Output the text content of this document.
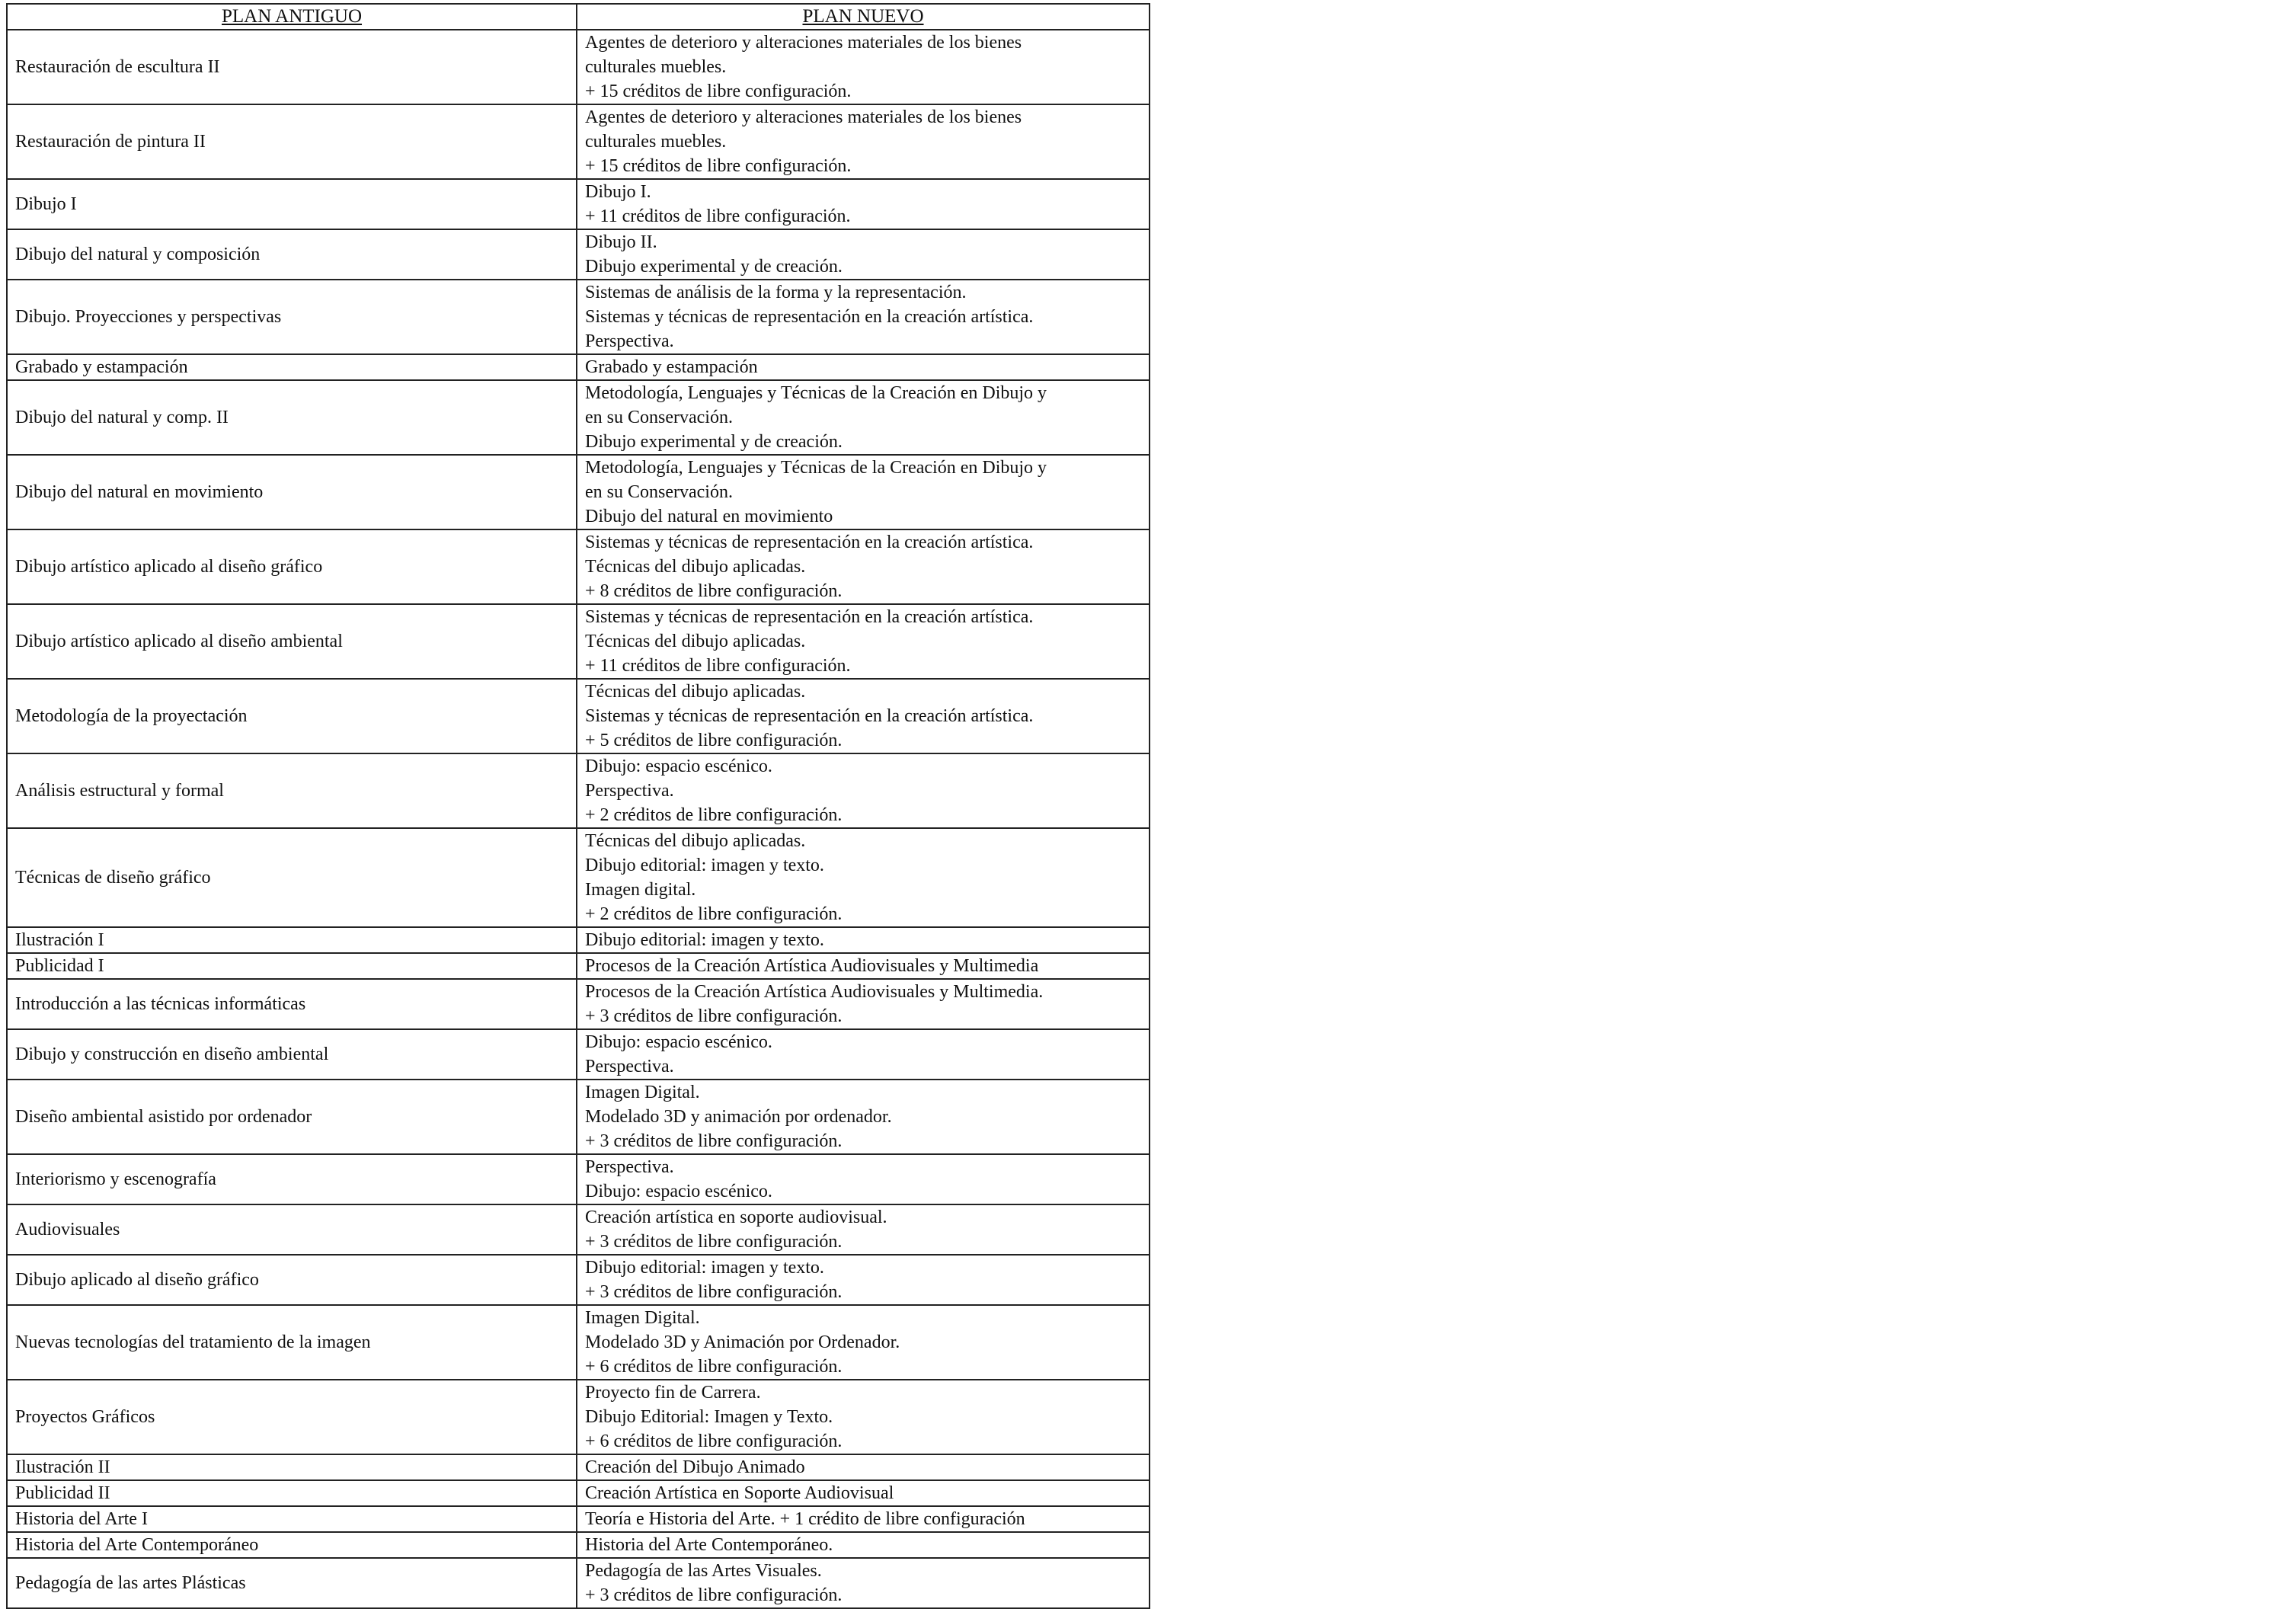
PLAN ANTIGUO	PLAN NUEVO
Restauración de escultura II	Agentes de deterioro y alteraciones materiales de los bienes
culturales muebles.
+ 15 créditos de libre configuración.

Restauración de pintura II	Agentes de deterioro y alteraciones materiales de los bienes
culturales muebles.
+ 15 créditos de libre configuración.

Dibujo I	Dibujo I.
+ 11 créditos de libre configuración.

Dibujo del natural y composición	Dibujo II.
Dibujo experimental y de creación.

Dibujo. Proyecciones y perspectivas	Sistemas de análisis de la forma y la representación.
Sistemas y técnicas de representación en la creación artística.
Perspectiva.

Grabado y estampación	Grabado y estampación

Dibujo del natural y comp. II	Metodología, Lenguajes y Técnicas de la Creación en Dibujo y
en su Conservación.
Dibujo experimental y de creación.

Dibujo del natural en movimiento	Metodología, Lenguajes y Técnicas de la Creación en Dibujo y
en su Conservación.
Dibujo del natural en movimiento

Dibujo artístico aplicado al diseño gráfico	Sistemas y técnicas de representación en la creación artística.
Técnicas del dibujo aplicadas.
+ 8 créditos de libre configuración.

Dibujo artístico aplicado al diseño ambiental	Sistemas y técnicas de representación en la creación artística.
Técnicas del dibujo aplicadas.
+ 11 créditos de libre configuración.

Metodología de la proyectación	Técnicas del dibujo aplicadas.
Sistemas y técnicas de representación en la creación artística.
+ 5 créditos de libre configuración.

Análisis estructural y formal	Dibujo: espacio escénico.
Perspectiva.
+ 2 créditos de libre configuración.

Técnicas de diseño gráfico	Técnicas del dibujo aplicadas.
Dibujo editorial: imagen y texto.
Imagen digital.
+ 2 créditos de libre configuración.

Ilustración I	Dibujo editorial: imagen y texto.

Publicidad I	Procesos de la Creación Artística Audiovisuales y Multimedia

Introducción a las técnicas informáticas	Procesos de la Creación Artística Audiovisuales y Multimedia.
+ 3 créditos de libre configuración.

Dibujo y construcción en diseño ambiental	Dibujo: espacio escénico.
Perspectiva.

Diseño ambiental asistido por ordenador	Imagen Digital.
Modelado 3D y animación por ordenador.
+ 3 créditos de libre configuración.

Interiorismo y escenografía	Perspectiva.
Dibujo: espacio escénico.

Audiovisuales	Creación artística en soporte audiovisual.
+ 3 créditos de libre configuración.

Dibujo aplicado al diseño gráfico	Dibujo editorial: imagen y texto.
+ 3 créditos de libre configuración.

Nuevas tecnologías del tratamiento de la imagen	Imagen Digital.
Modelado 3D y Animación por Ordenador.
+ 6 créditos de libre configuración.

Proyectos Gráficos	Proyecto fin de Carrera.
Dibujo Editorial: Imagen y Texto.
+ 6 créditos de libre configuración.

Ilustración II	Creación del Dibujo Animado

Publicidad II	Creación Artística en Soporte Audiovisual

Historia del Arte I	Teoría e Historia del Arte. + 1 crédito de libre configuración

Historia del Arte Contemporáneo	Historia del Arte Contemporáneo.

Pedagogía de las artes Plásticas	Pedagogía de las Artes Visuales.
+ 3 créditos de libre configuración.
